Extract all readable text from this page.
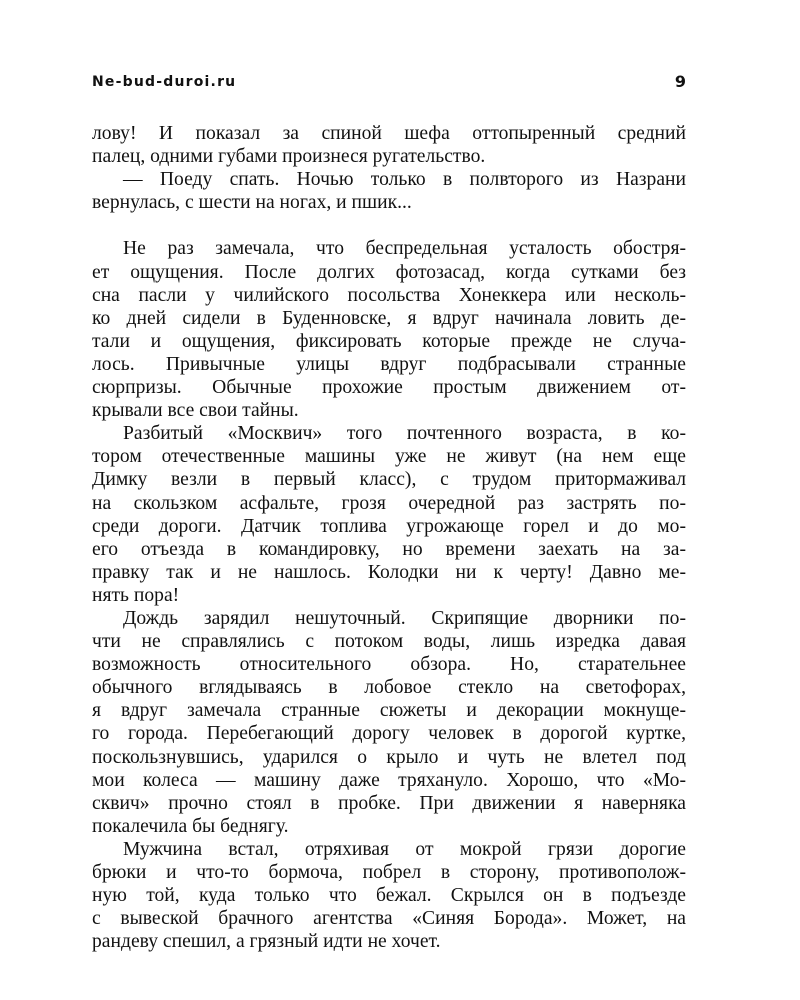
Ne-bud-duroi.ru	9
лову! И показал за спиной шефа оттопыренный средний
палец, одними губами произнеся ругательство.
— Поеду спать. Ночью только в полвторого из Назрани
вернулась, с шести на ногах, и пшик...
Не раз замечала, что беспредельная усталость обостря-
ет ощущения. После долгих фотозасад, когда сутками без
сна пасли у чилийского посольства Хонеккера или несколь-
ко дней сидели в Буденновске, я вдруг начинала ловить де-
тали и ощущения, фиксировать которые прежде не случа-
лось. Привычные улицы вдруг подбрасывали странные
сюрпризы. Обычные прохожие простым движением от-
крывали все свои тайны.
Разбитый «Москвич» того почтенного возраста, в ко-
тором отечественные машины уже не живут (на нем еще
Димку везли в первый класс), с трудом притормаживал
на скользком асфальте, грозя очередной раз застрять по-
среди дороги. Датчик топлива угрожающе горел и до мо-
его отъезда в командировку, но времени заехать на за-
правку так и не нашлось. Колодки ни к черту! Давно ме-
нять пора!
Дождь зарядил нешуточный. Скрипящие дворники по-
чти не справлялись с потоком воды, лишь изредка давая
возможность относительного обзора. Но, старательнее
обычного вглядываясь в лобовое стекло на светофорах,
я вдруг замечала странные сюжеты и декорации мокнуще-
го города. Перебегающий дорогу человек в дорогой куртке,
поскользнувшись, ударился о крыло и чуть не влетел под
мои колеса — машину даже тряхануло. Хорошо, что «Мо-
сквич» прочно стоял в пробке. При движении я наверняка
покалечила бы беднягу.
Мужчина встал, отряхивая от мокрой грязи дорогие
брюки и что-то бормоча, побрел в сторону, противополож-
ную той, куда только что бежал. Скрылся он в подъезде
с вывеской брачного агентства «Синяя Борода». Может, на
рандеву спешил, а грязный идти не хочет.
